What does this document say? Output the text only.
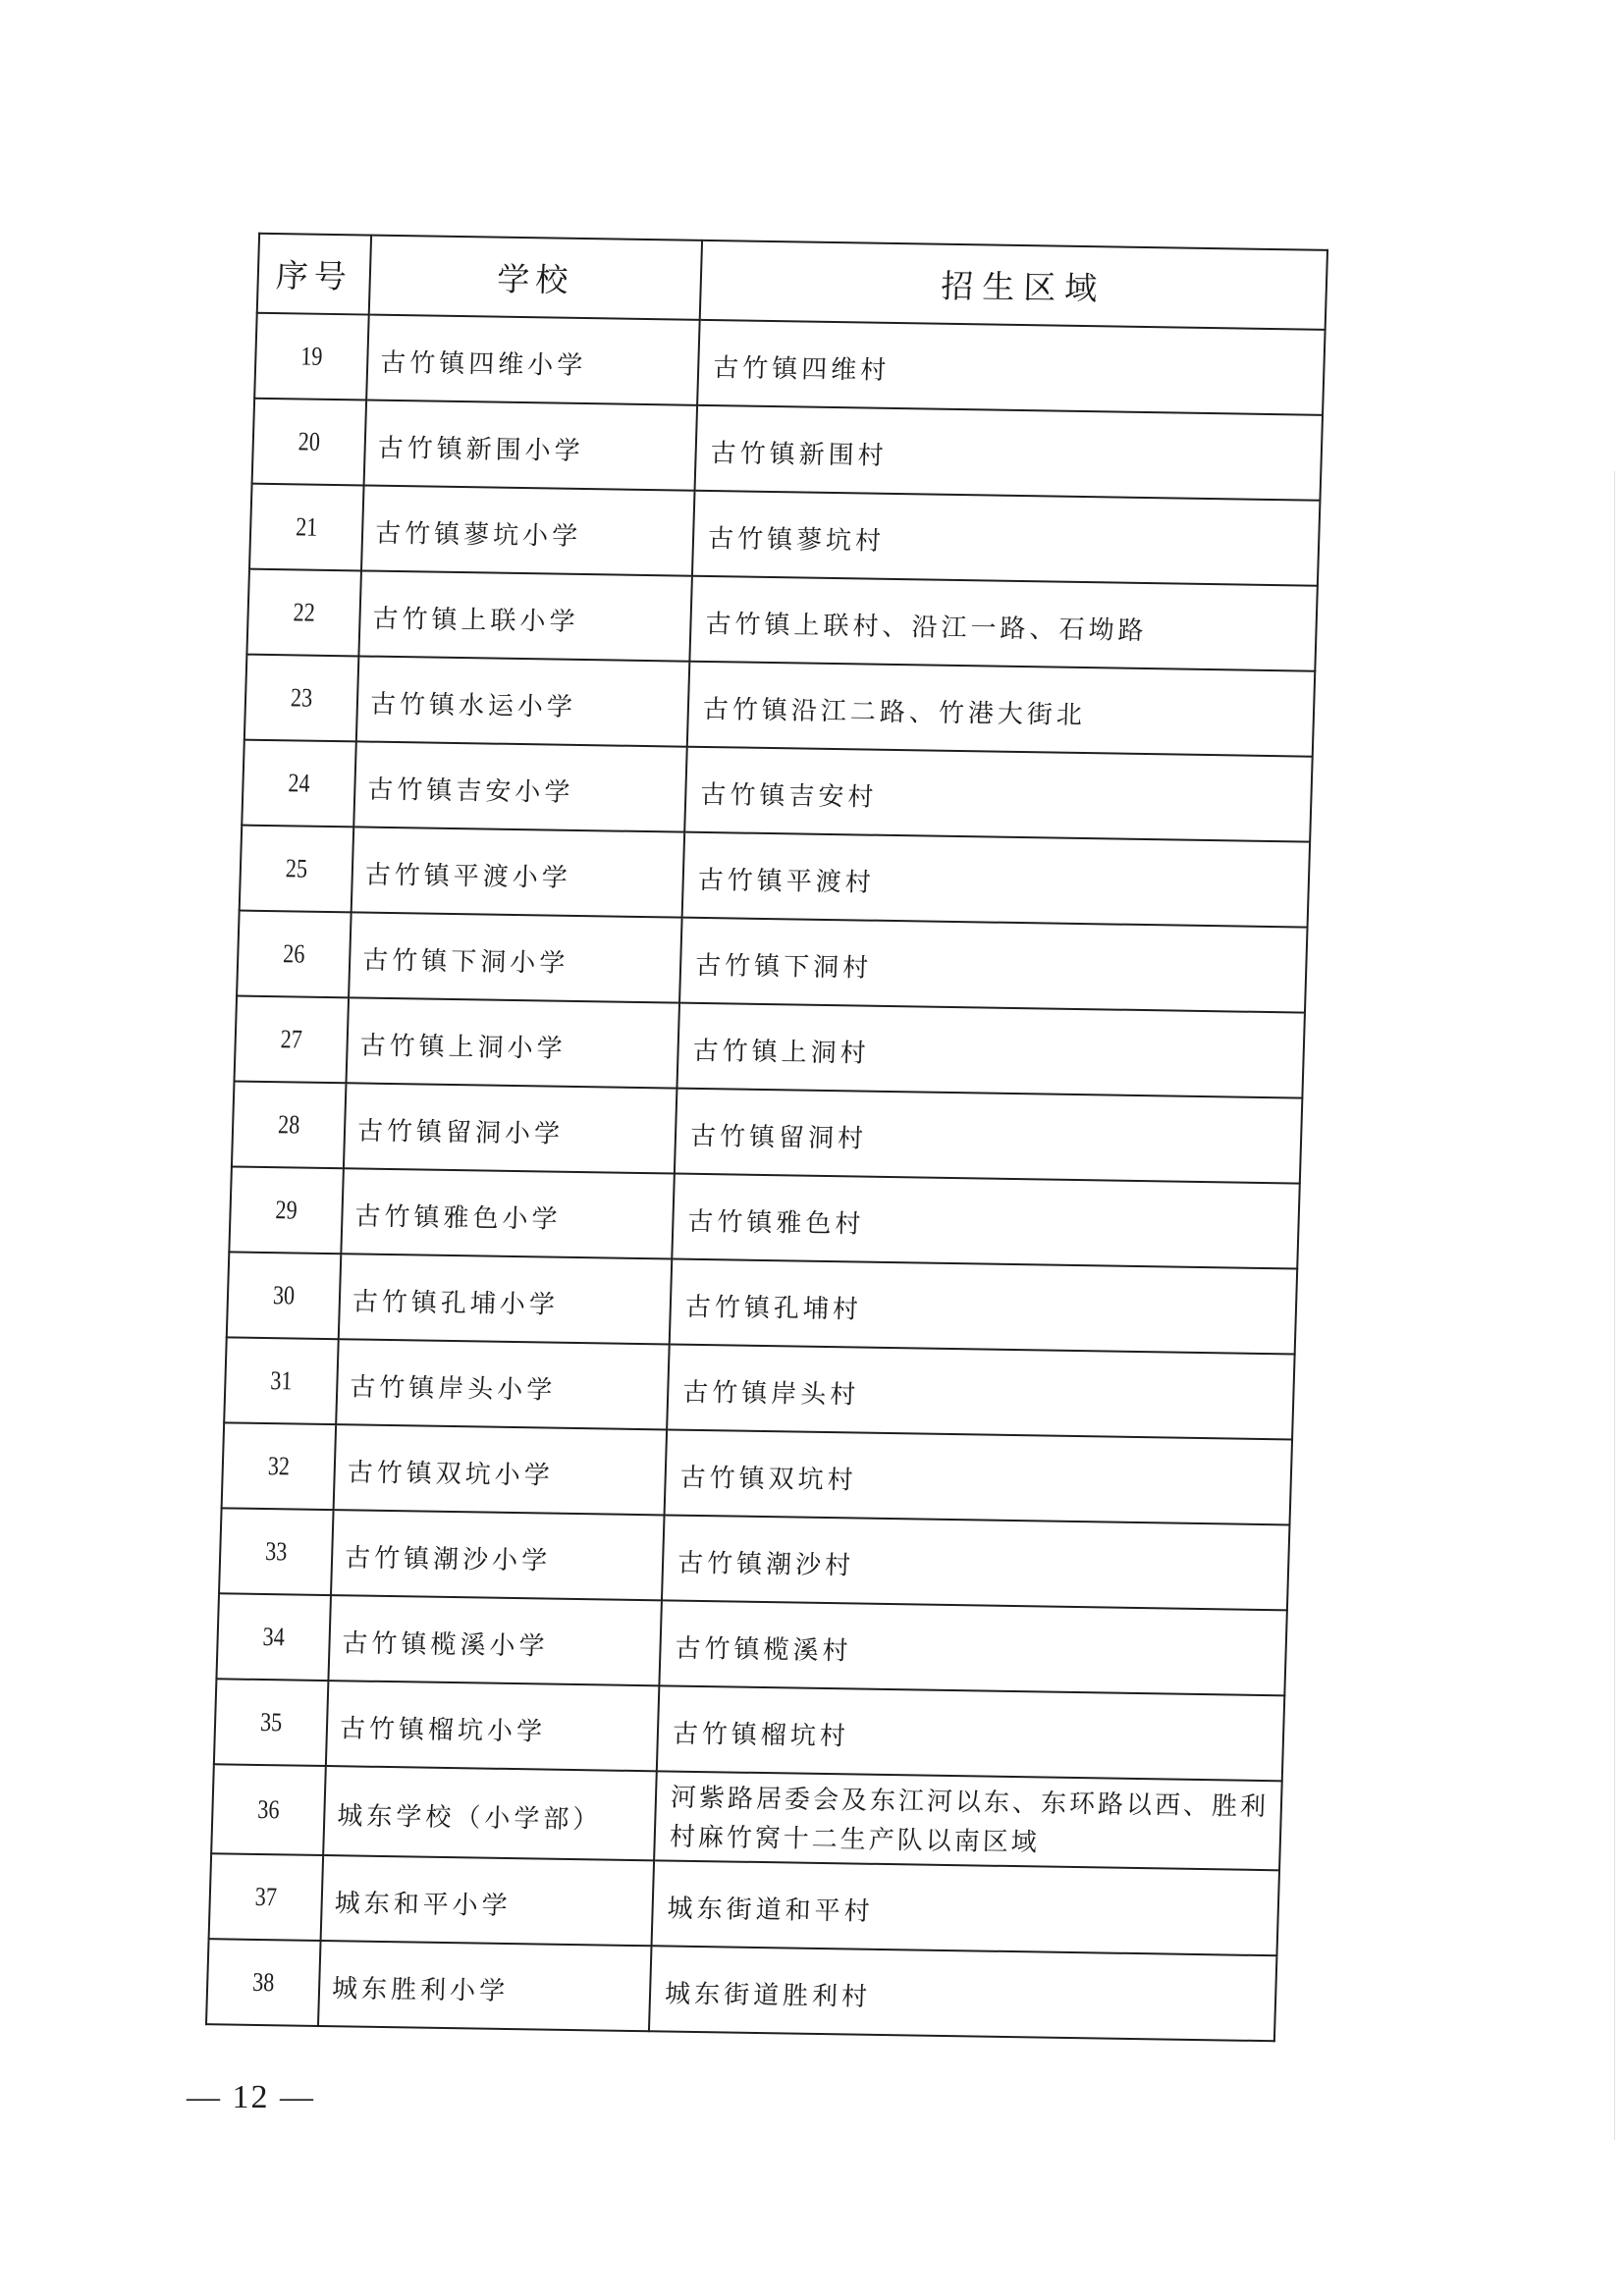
序号	学校	招生区域
19	古竹镇四维小学	古竹镇四维村
20	古竹镇新围小学	古竹镇新围村
21	古竹镇蓼坑小学	古竹镇蓼坑村
22	古竹镇上联小学	古竹镇上联村、沿江一路、石坳路
23	古竹镇水运小学	古竹镇沿江二路、竹港大街北
24	古竹镇吉安小学	古竹镇吉安村
25	古竹镇平渡小学	古竹镇平渡村
26	古竹镇下洞小学	古竹镇下洞村
27	古竹镇上洞小学	古竹镇上洞村
28	古竹镇留洞小学	古竹镇留洞村
29	古竹镇雅色小学	古竹镇雅色村
30	古竹镇孔埔小学	古竹镇孔埔村
31	古竹镇岸头小学	古竹镇岸头村
32	古竹镇双坑小学	古竹镇双坑村
33	古竹镇潮沙小学	古竹镇潮沙村
34	古竹镇榄溪小学	古竹镇榄溪村
35	古竹镇榴坑小学	古竹镇榴坑村
36	城东学校（小学部）	河紫路居委会及东江河以东、东环路以西、胜利村麻竹窝十二生产队以南区域
37	城东和平小学	城东街道和平村
38	城东胜利小学	城东街道胜利村
— 12 —
